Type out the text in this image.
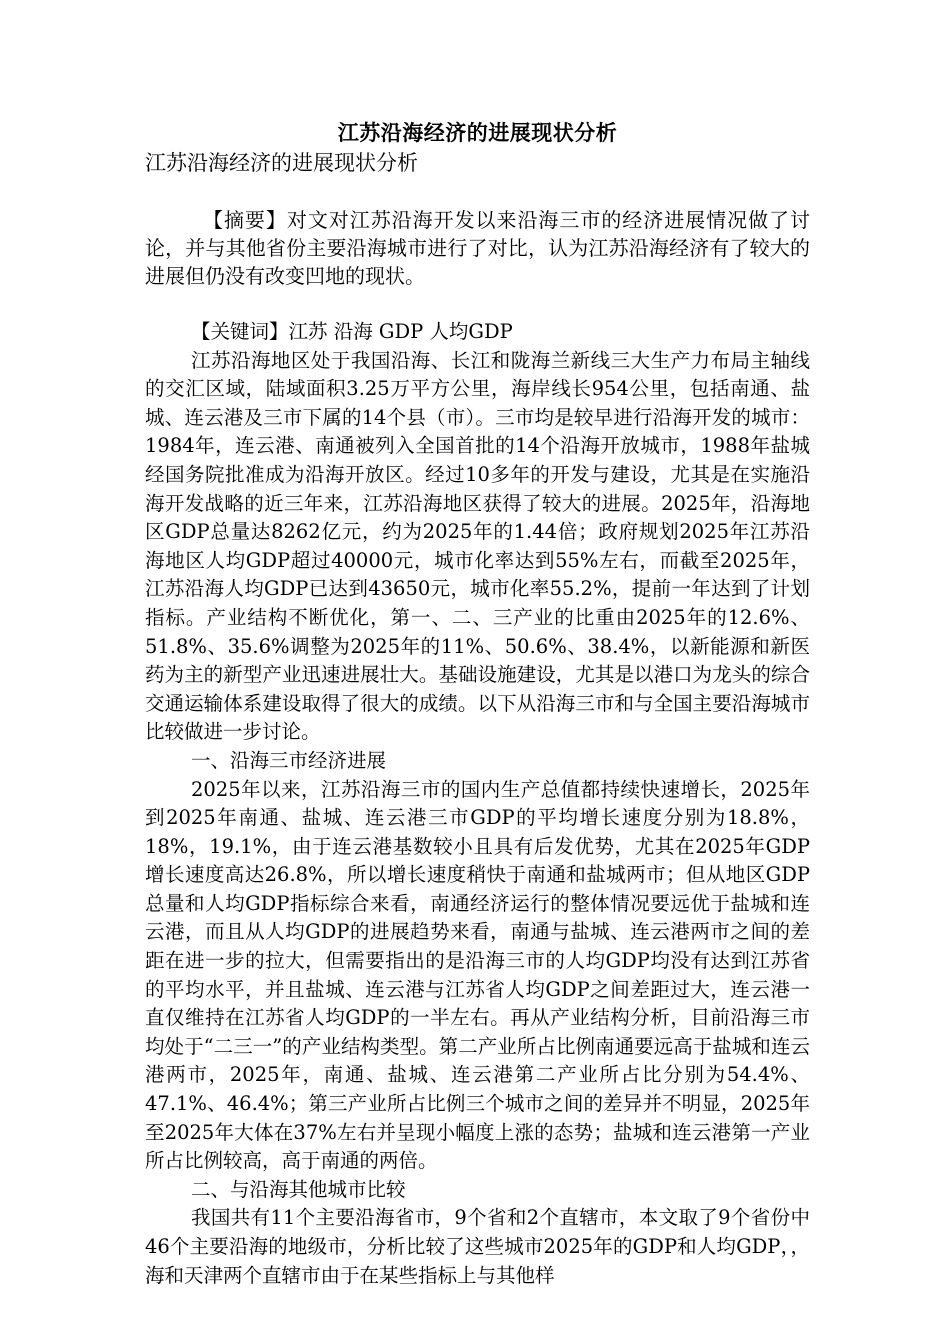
江苏沿海经济的进展现状分析
江苏沿海经济的进展现状分析

【摘要】对文对江苏沿海开发以来沿海三市的经济进展情况做了讨论，并与其他省份主要沿海城市进行了对比，认为江苏沿海经济有了较大的进展但仍没有改变凹地的现状。

【关键词】江苏 沿海 GDP 人均GDP

江苏沿海地区处于我国沿海、长江和陇海兰新线三大生产力布局主轴线的交汇区域，陆域面积3.25万平方公里，海岸线长954公里，包括南通、盐城、连云港及三市下属的14个县（市）。三市均是较早进行沿海开发的城市：1984年，连云港、南通被列入全国首批的14个沿海开放城市，1988年盐城经国务院批准成为沿海开放区。经过10多年的开发与建设，尤其是在实施沿海开发战略的近三年来，江苏沿海地区获得了较大的进展。2025年，沿海地区GDP总量达8262亿元，约为2025年的1.44倍；政府规划2025年江苏沿海地区人均GDP超过40000元，城市化率达到55%左右，而截至2025年，江苏沿海人均GDP已达到43650元，城市化率55.2%，提前一年达到了计划指标。产业结构不断优化，第一、二、三产业的比重由2025年的12.6%、51.8%、35.6%调整为2025年的11%、50.6%、38.4%，以新能源和新医药为主的新型产业迅速进展壮大。基础设施建设，尤其是以港口为龙头的综合交通运输体系建设取得了很大的成绩。以下从沿海三市和与全国主要沿海城市比较做进一步讨论。

一、沿海三市经济进展

2025年以来，江苏沿海三市的国内生产总值都持续快速增长，2025年到2025年南通、盐城、连云港三市GDP的平均增长速度分别为18.8%，18%，19.1%，由于连云港基数较小且具有后发优势，尤其在2025年GDP增长速度高达26.8%，所以增长速度稍快于南通和盐城两市；但从地区GDP总量和人均GDP指标综合来看，南通经济运行的整体情况要远优于盐城和连云港，而且从人均GDP的进展趋势来看，南通与盐城、连云港两市之间的差距在进一步的拉大，但需要指出的是沿海三市的人均GDP均没有达到江苏省的平均水平，并且盐城、连云港与江苏省人均GDP之间差距过大，连云港一直仅维持在江苏省人均GDP的一半左右。再从产业结构分析，目前沿海三市均处于“二三一”的产业结构类型。第二产业所占比例南通要远高于盐城和连云港两市，2025年，南通、盐城、连云港第二产业所占比分别为54.4%、47.1%、46.4%；第三产业所占比例三个城市之间的差异并不明显，2025年至2025年大体在37%左右并呈现小幅度上涨的态势；盐城和连云港第一产业所占比例较高，高于南通的两倍。

二、与沿海其他城市比较

我国共有11个主要沿海省市，9个省和2个直辖市，本文取了9个省份中46个主要沿海的地级市，分析比较了这些城市2025年的GDP和人均GDP，，海和天津两个直辖市由于在某些指标上与其他样
